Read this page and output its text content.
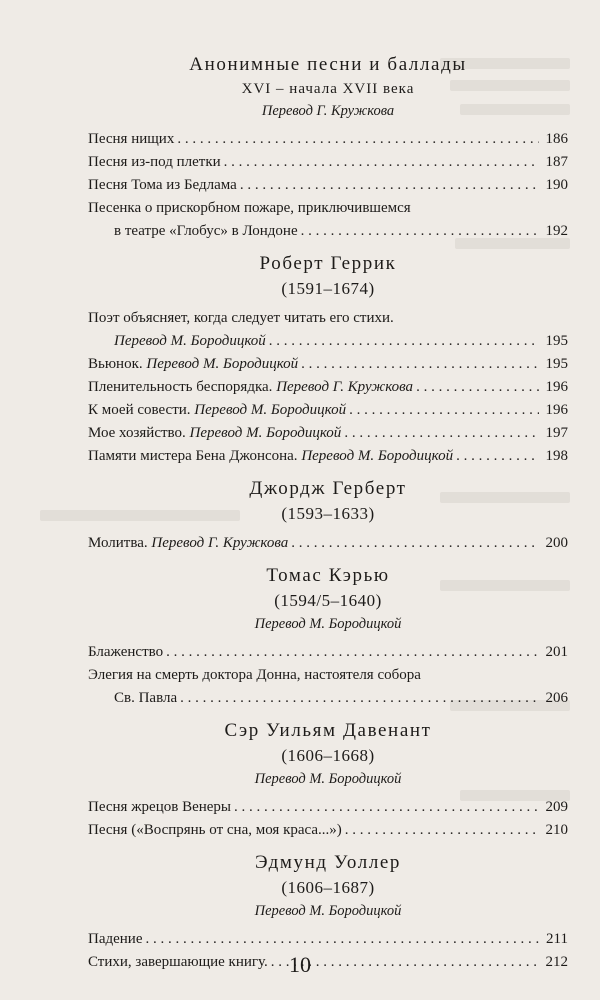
Анонимные песни и баллады
XVI – начала XVII века
Перевод Г. Кружкова
Песня нищих . . .	186
Песня из-под плетки . . .	187
Песня Тома из Бедлама . . .	190
Песенка о прискорбном пожаре, приключившемся
в театре «Глобус» в Лондоне . . .	192
Роберт Геррик
(1591–1674)
Поэт объясняет, когда следует читать его стихи.
Перевод М. Бородицкой . . .	195
Вьюнок. Перевод М. Бородицкой . . .	195
Пленительность беспорядка. Перевод Г. Кружкова . . .	196
К моей совести. Перевод М. Бородицкой . . .	196
Мое хозяйство. Перевод М. Бородицкой . . .	197
Памяти мистера Бена Джонсона. Перевод М. Бородицкой . . .	198
Джордж Герберт
(1593–1633)
Молитва. Перевод Г. Кружкова . . .	200
Томас Кэрью
(1594/5–1640)
Перевод М. Бородицкой
Блаженство . . .	201
Элегия на смерть доктора Донна, настоятеля собора
Св. Павла . . .	206
Сэр Уильям Давенант
(1606–1668)
Перевод М. Бородицкой
Песня жрецов Венеры . . .	209
Песня («Воспрянь от сна, моя краса...») . . .	210
Эдмунд Уоллер
(1606–1687)
Перевод М. Бородицкой
Падение . . .	211
Стихи, завершающие книгу. . . .	212
10
